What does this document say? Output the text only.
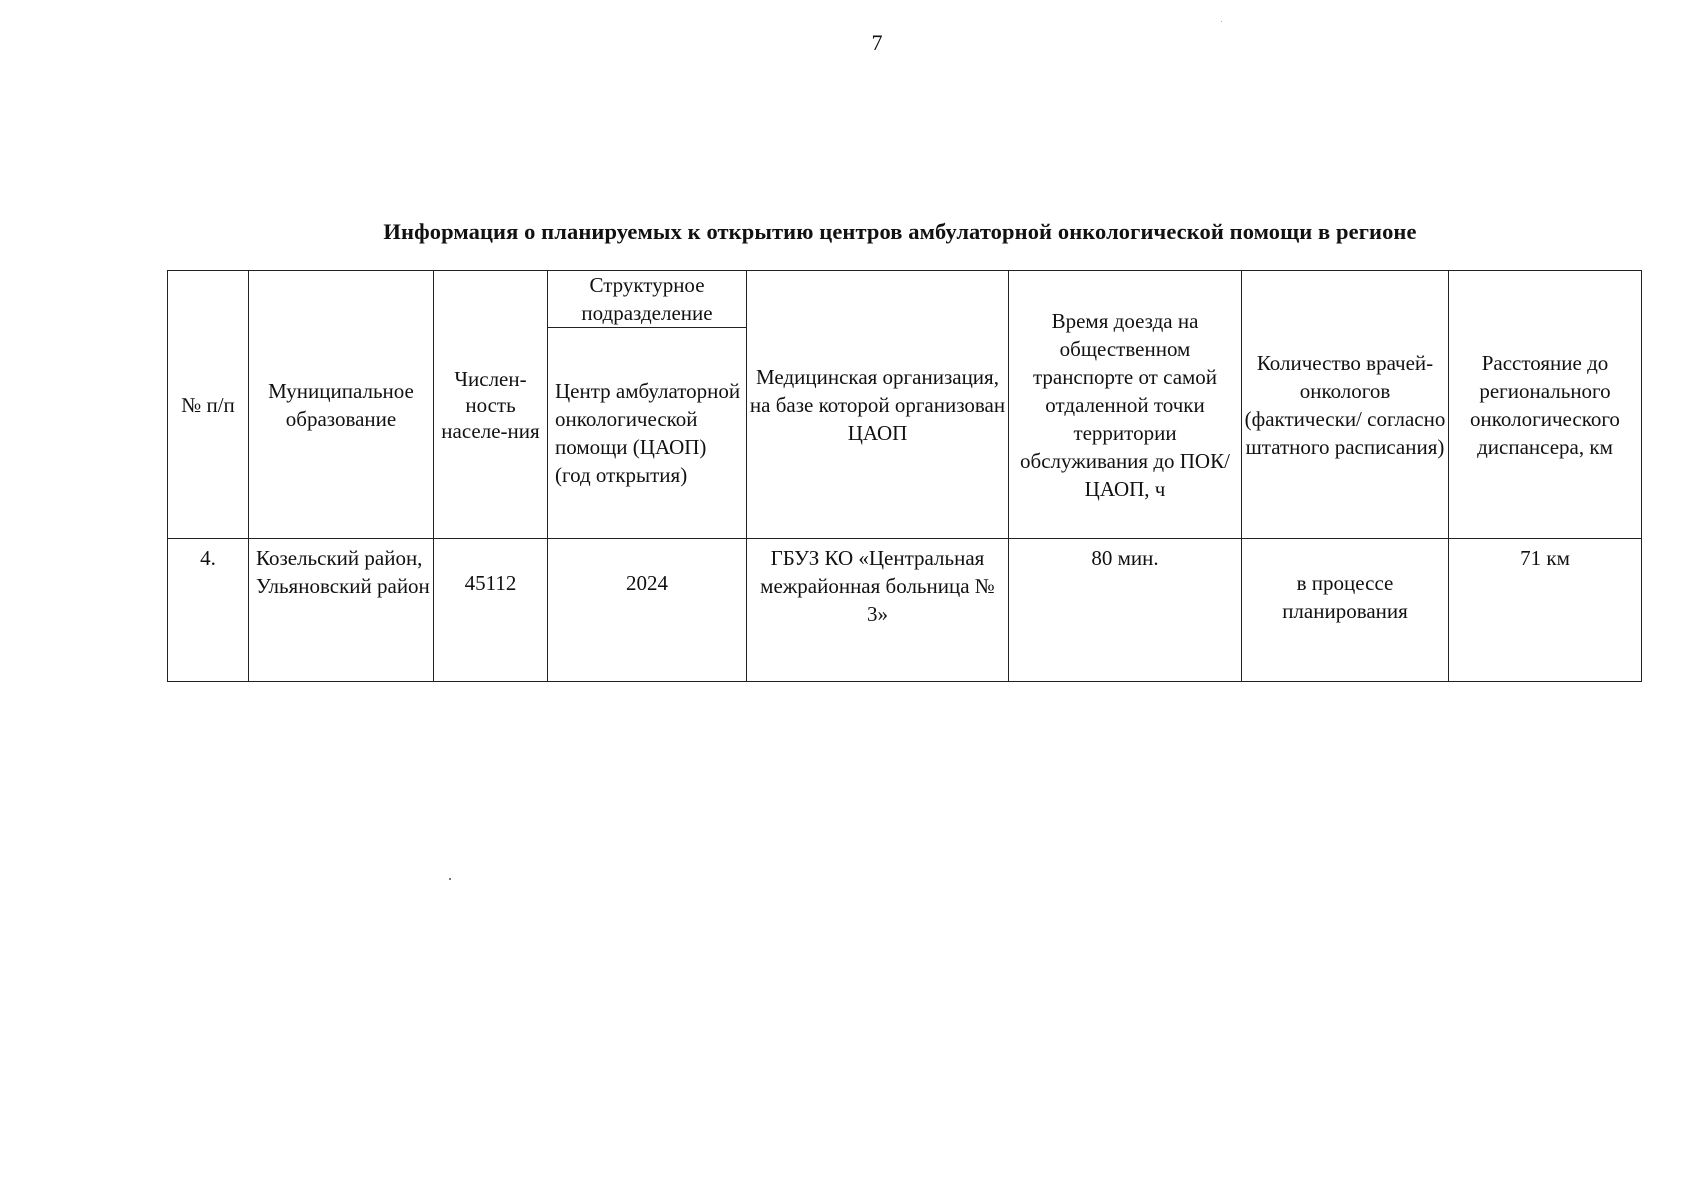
7
Информация о планируемых к открытию центров амбулаторной онкологической помощи в регионе
№ п/п	Муниципальное образование	Числен-ность населе-ния	Структурное подразделение	Медицинская организация, на базе которой организован ЦАОП	Время доезда на общественном транспорте от самой отдаленной точки территории обслуживания до ПОК/ЦАОП, ч	Количество врачей-онкологов (фактически/ согласно штатного расписания)	Расстояние до регионального онкологического диспансера, км
			Центр амбулаторной онкологической помощи (ЦАОП) (год открытия)				
4.	Козельский район, Ульяновский район	45112	2024	ГБУЗ КО «Центральная межрайонная больница № 3»	80 мин.	в процессе планирования	71 км
